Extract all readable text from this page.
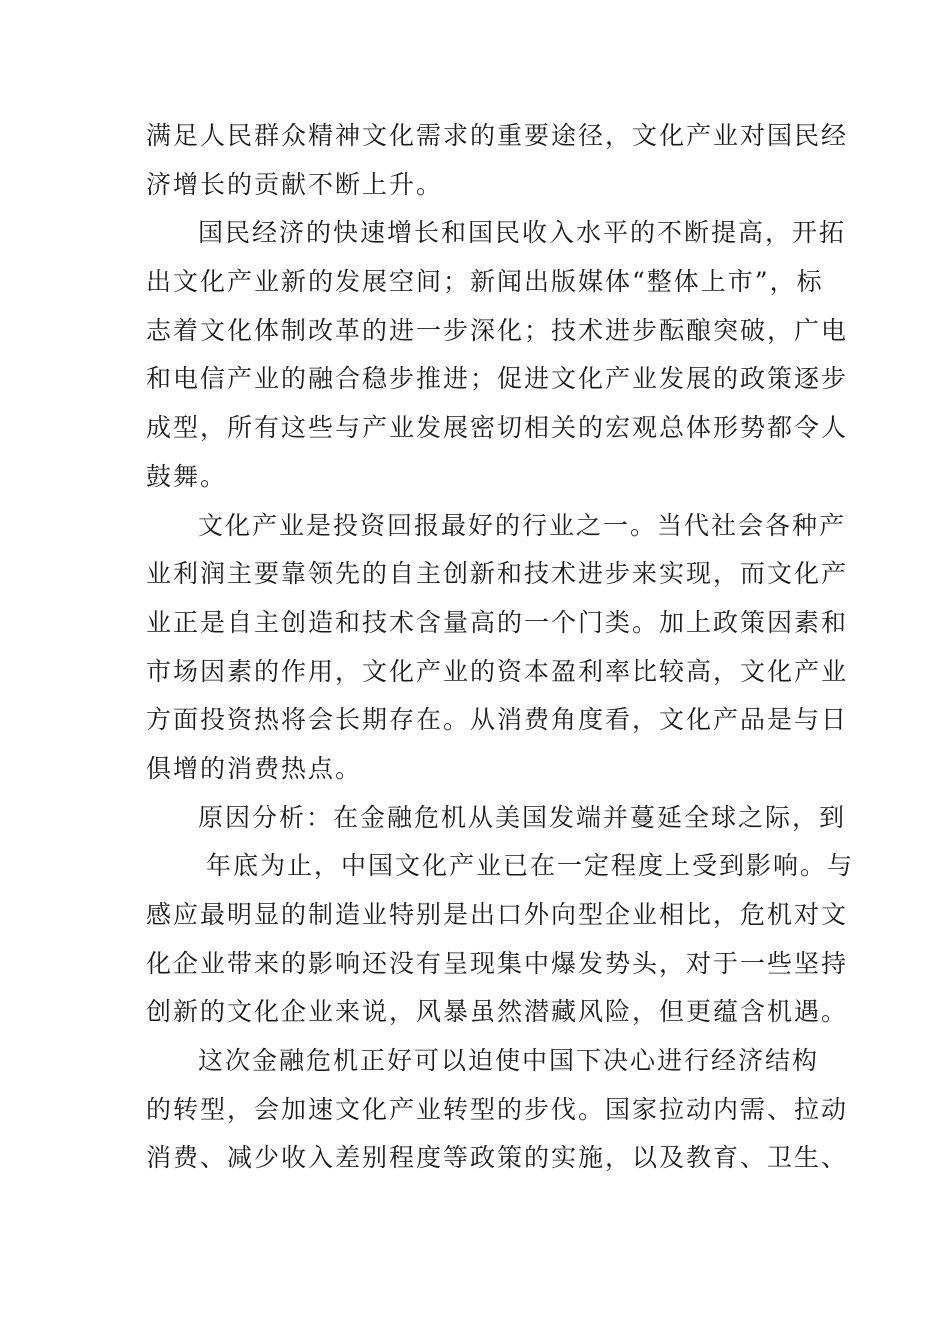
满足人民群众精神文化需求的重要途径，文化产业对国民经
济增长的贡献不断上升。
国民经济的快速增长和国民收入水平的不断提高，开拓
出文化产业新的发展空间；新闻出版媒体“整体上市”，标
志着文化体制改革的进一步深化；技术进步酝酿突破，广电
和电信产业的融合稳步推进；促进文化产业发展的政策逐步
成型，所有这些与产业发展密切相关的宏观总体形势都令人
鼓舞。
文化产业是投资回报最好的行业之一。当代社会各种产
业利润主要靠领先的自主创新和技术进步来实现，而文化产
业正是自主创造和技术含量高的一个门类。加上政策因素和
市场因素的作用，文化产业的资本盈利率比较高，文化产业
方面投资热将会长期存在。从消费角度看，文化产品是与日
俱增的消费热点。
原因分析：在金融危机从美国发端并蔓延全球之际，到
年底为止，中国文化产业已在一定程度上受到影响。与
感应最明显的制造业特别是出口外向型企业相比，危机对文
化企业带来的影响还没有呈现集中爆发势头，对于一些坚持
创新的文化企业来说，风暴虽然潜藏风险，但更蕴含机遇。
这次金融危机正好可以迫使中国下决心进行经济结构
的转型，会加速文化产业转型的步伐。国家拉动内需、拉动
消费、减少收入差别程度等政策的实施，以及教育、卫生、
